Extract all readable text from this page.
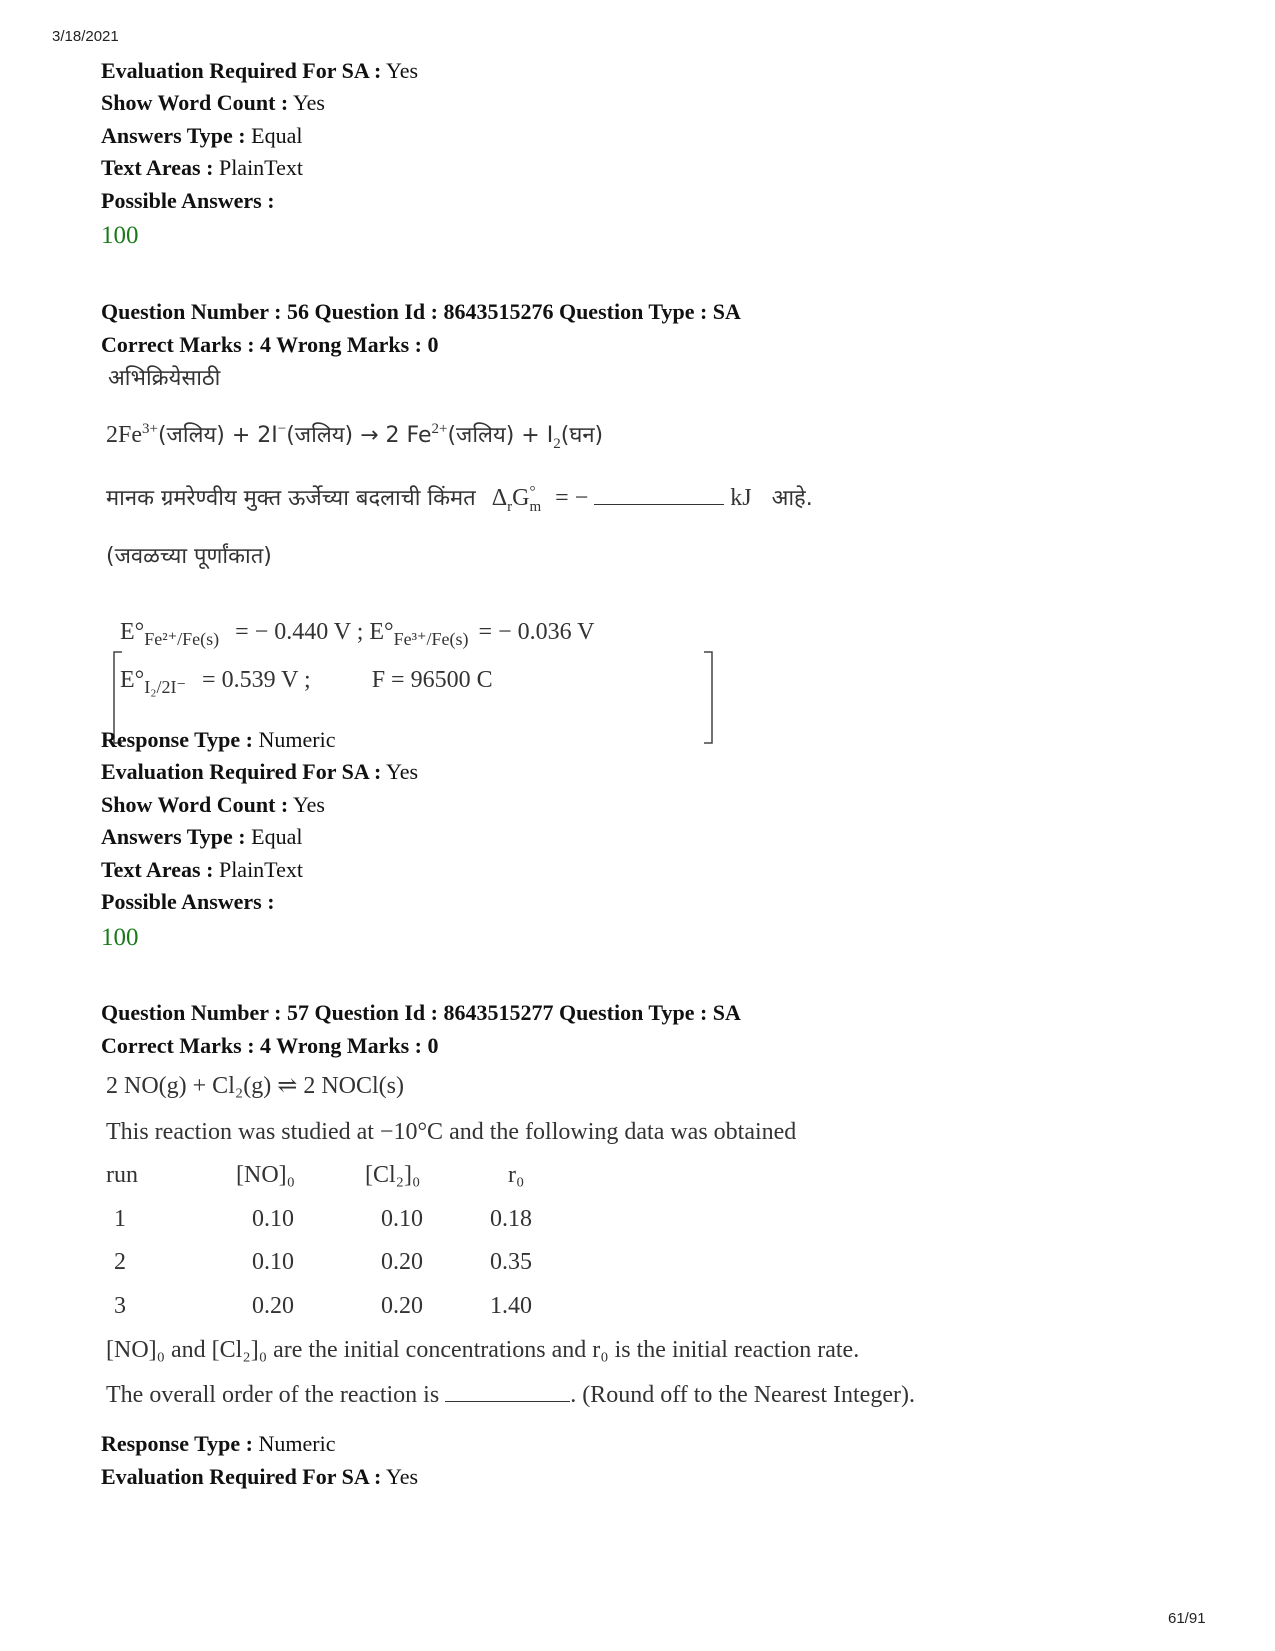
3/18/2021
Evaluation Required For SA : Yes
Show Word Count : Yes
Answers Type : Equal
Text Areas : PlainText
Possible Answers :
100
Question Number : 56 Question Id : 8643515276 Question Type : SA
Correct Marks : 4 Wrong Marks : 0
अभिक्रियेसाठी
$2Fe^{3+}(जलिय)$ + 2I−(जलिय) → 2 $Fe^{2+}(जलिय)$ + $I_2(घन)$
मानक ग्रमरेण्वीय मुक्त ऊर्जेच्या बदलाची किंमत $\Delta_rG^\circ_m$ = −	kJ आहे.
(जवळच्या पूर्णांकात)
$E^\circ_{Fe^{2+}/Fe(s)}$ = − 0.440 V ; $E^\circ_{Fe^{3+}/Fe(s)}$ = − 0.036 V
$E^\circ_{I_2/2I^-} = 0.539$ V ;	F = 96500 C
Response Type : Numeric
Evaluation Required For SA : Yes
Show Word Count : Yes
Answers Type : Equal
Text Areas : PlainText
Possible Answers :
100
Question Number : 57 Question Id : 8643515277 Question Type : SA
Correct Marks : 4 Wrong Marks : 0
2 NO(g) + Cl₂(g) ⇌ 2 NOCl(s)
This reaction was studied at −10°C and the following data was obtained
run	[NO]₀	[Cl₂]₀	r₀
1	0.10	0.10	0.18
2	0.10	0.20	0.35
3	0.20	0.20	1.40
[NO]₀ and [Cl₂]₀ are the initial concentrations and r₀ is the initial reaction rate.
The overall order of the reaction is	. (Round off to the Nearest Integer).
Response Type : Numeric
Evaluation Required For SA : Yes
61/91
